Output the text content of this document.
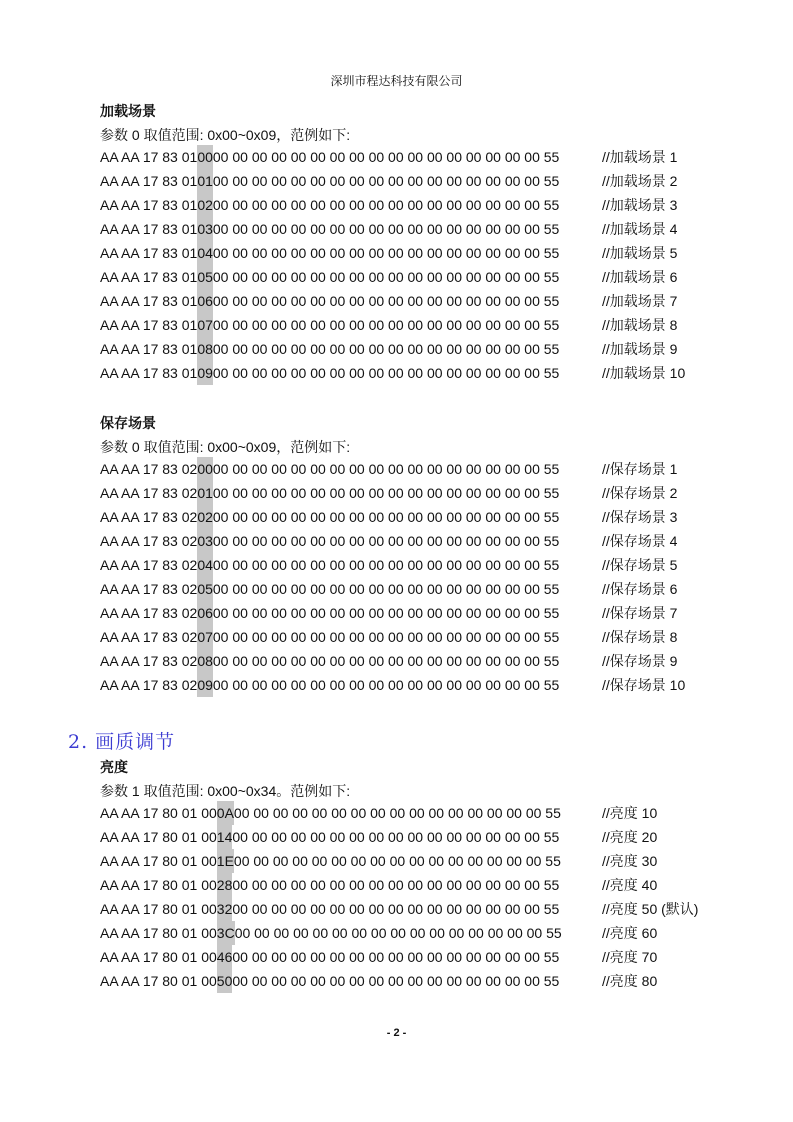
深圳市程达科技有限公司
加载场景
参数 0 取值范围: 0x00~0x09，范例如下:
AA AA 17 83 010000 00 00 00 00 00 00 00 00 00 00 00 00 00 00 00 00 55	//加载场景 1
AA AA 17 83 010100 00 00 00 00 00 00 00 00 00 00 00 00 00 00 00 00 55	//加载场景 2
AA AA 17 83 010200 00 00 00 00 00 00 00 00 00 00 00 00 00 00 00 00 55	//加载场景 3
AA AA 17 83 010300 00 00 00 00 00 00 00 00 00 00 00 00 00 00 00 00 55	//加载场景 4
AA AA 17 83 010400 00 00 00 00 00 00 00 00 00 00 00 00 00 00 00 00 55	//加载场景 5
AA AA 17 83 010500 00 00 00 00 00 00 00 00 00 00 00 00 00 00 00 00 55	//加载场景 6
AA AA 17 83 010600 00 00 00 00 00 00 00 00 00 00 00 00 00 00 00 00 55	//加载场景 7
AA AA 17 83 010700 00 00 00 00 00 00 00 00 00 00 00 00 00 00 00 00 55	//加载场景 8
AA AA 17 83 010800 00 00 00 00 00 00 00 00 00 00 00 00 00 00 00 00 55	//加载场景 9
AA AA 17 83 010900 00 00 00 00 00 00 00 00 00 00 00 00 00 00 00 00 55	//加载场景 10
保存场景
参数 0 取值范围: 0x00~0x09，范例如下:
AA AA 17 83 020000 00 00 00 00 00 00 00 00 00 00 00 00 00 00 00 00 55	//保存场景 1
AA AA 17 83 020100 00 00 00 00 00 00 00 00 00 00 00 00 00 00 00 00 55	//保存场景 2
AA AA 17 83 020200 00 00 00 00 00 00 00 00 00 00 00 00 00 00 00 00 55	//保存场景 3
AA AA 17 83 020300 00 00 00 00 00 00 00 00 00 00 00 00 00 00 00 00 55	//保存场景 4
AA AA 17 83 020400 00 00 00 00 00 00 00 00 00 00 00 00 00 00 00 00 55	//保存场景 5
AA AA 17 83 020500 00 00 00 00 00 00 00 00 00 00 00 00 00 00 00 00 55	//保存场景 6
AA AA 17 83 020600 00 00 00 00 00 00 00 00 00 00 00 00 00 00 00 00 55	//保存场景 7
AA AA 17 83 020700 00 00 00 00 00 00 00 00 00 00 00 00 00 00 00 00 55	//保存场景 8
AA AA 17 83 020800 00 00 00 00 00 00 00 00 00 00 00 00 00 00 00 00 55	//保存场景 9
AA AA 17 83 020900 00 00 00 00 00 00 00 00 00 00 00 00 00 00 00 00 55	//保存场景 10
亮度
参数 1 取值范围: 0x00~0x34。范例如下:
AA AA 17 80 01 000A00 00 00 00 00 00 00 00 00 00 00 00 00 00 00 00 55	//亮度 10
AA AA 17 80 01 001400 00 00 00 00 00 00 00 00 00 00 00 00 00 00 00 55	//亮度 20
AA AA 17 80 01 001E00 00 00 00 00 00 00 00 00 00 00 00 00 00 00 00 55	//亮度 30
AA AA 17 80 01 002800 00 00 00 00 00 00 00 00 00 00 00 00 00 00 00 55	//亮度 40
AA AA 17 80 01 003200 00 00 00 00 00 00 00 00 00 00 00 00 00 00 00 55	//亮度 50 (默认)
AA AA 17 80 01 003C00 00 00 00 00 00 00 00 00 00 00 00 00 00 00 00 55	//亮度 60
AA AA 17 80 01 004600 00 00 00 00 00 00 00 00 00 00 00 00 00 00 00 55	//亮度 70
AA AA 17 80 01 005000 00 00 00 00 00 00 00 00 00 00 00 00 00 00 00 55	//亮度 80
2. 画质调节
- 2 -
